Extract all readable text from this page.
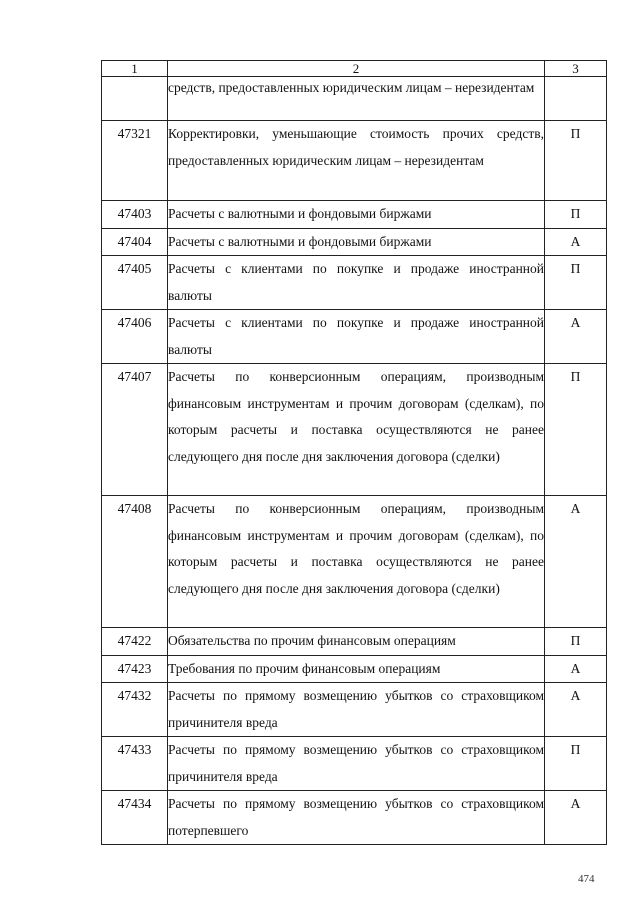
1	2	3
	средств, предоставленных юридическим лицам – нерезидентам	
47321	Корректировки, уменьшающие стоимость прочих средств, предоставленных юридическим лицам – нерезидентам	П
47403	Расчеты с валютными и фондовыми биржами	П
47404	Расчеты с валютными и фондовыми биржами	А
47405	Расчеты с клиентами по покупке и продаже иностранной валюты	П
47406	Расчеты с клиентами по покупке и продаже иностранной валюты	А
47407	Расчеты по конверсионным операциям, производным финансовым инструментам и прочим договорам (сделкам), по которым расчеты и поставка осуществляются не ранее следующего дня после дня заключения договора (сделки)	П
47408	Расчеты по конверсионным операциям, производным финансовым инструментам и прочим договорам (сделкам), по которым расчеты и поставка осуществляются не ранее следующего дня после дня заключения договора (сделки)	А
47422	Обязательства по прочим финансовым операциям	П
47423	Требования по прочим финансовым операциям	А
47432	Расчеты по прямому возмещению убытков со страховщиком причинителя вреда	А
47433	Расчеты по прямому возмещению убытков со страховщиком причинителя вреда	П
47434	Расчеты по прямому возмещению убытков со страховщиком потерпевшего	А
474
